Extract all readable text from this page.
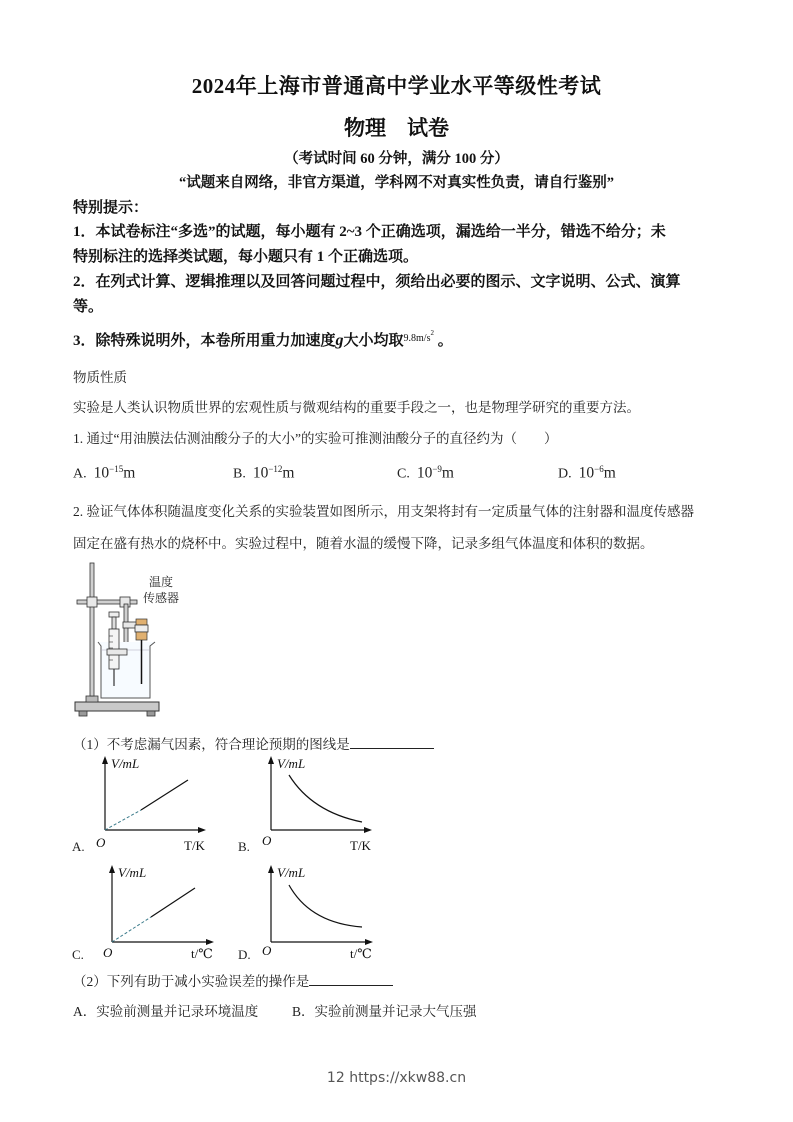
2024年上海市普通高中学业水平等级性考试
物理　试卷
（考试时间 60 分钟，满分 100 分）
“试题来自网络，非官方渠道，学科网不对真实性负责，请自行鉴别”
特别提示：
1．本试卷标注“多选”的试题，每小题有 2~3 个正确选项，漏选给一半分，错选不给分；未
特别标注的选择类试题，每小题只有 1 个正确选项。
2．在列式计算、逻辑推理以及回答问题过程中，须给出必要的图示、文字说明、公式、演算
等。
3．除特殊说明外，本卷所用重力加速度g大小均取$^{9.8m/s2}$ 。
物质性质
实验是人类认识物质世界的宏观性质与微观结构的重要手段之一，也是物理学研究的重要方法。
1. 通过“用油膜法估测油酸分子的大小”的实验可推测油酸分子的直径约为（　　）
A. $10^{-15}m$	B. $10^{-12}m$	C. $10^{-9}m$	D. $10^{-6}m$
2. 验证气体体积随温度变化关系的实验装置如图所示，用支架将封有一定质量气体的注射器和温度传感器
固定在盛有热水的烧杯中。实验过程中，随着水温的缓慢下降，记录多组气体温度和体积的数据。
温度
传感器
（1）不考虑漏气因素，符合理论预期的图线是
V/mL
O	T/K
A.
V/mL
O	T/K
B.
V/mL
O	t/℃
C.
V/mL
O	t/℃
D.
（2）下列有助于减小实验误差的操作是
A．实验前测量并记录环境温度	B．实验前测量并记录大气压强
12 https://xkw88.cn
